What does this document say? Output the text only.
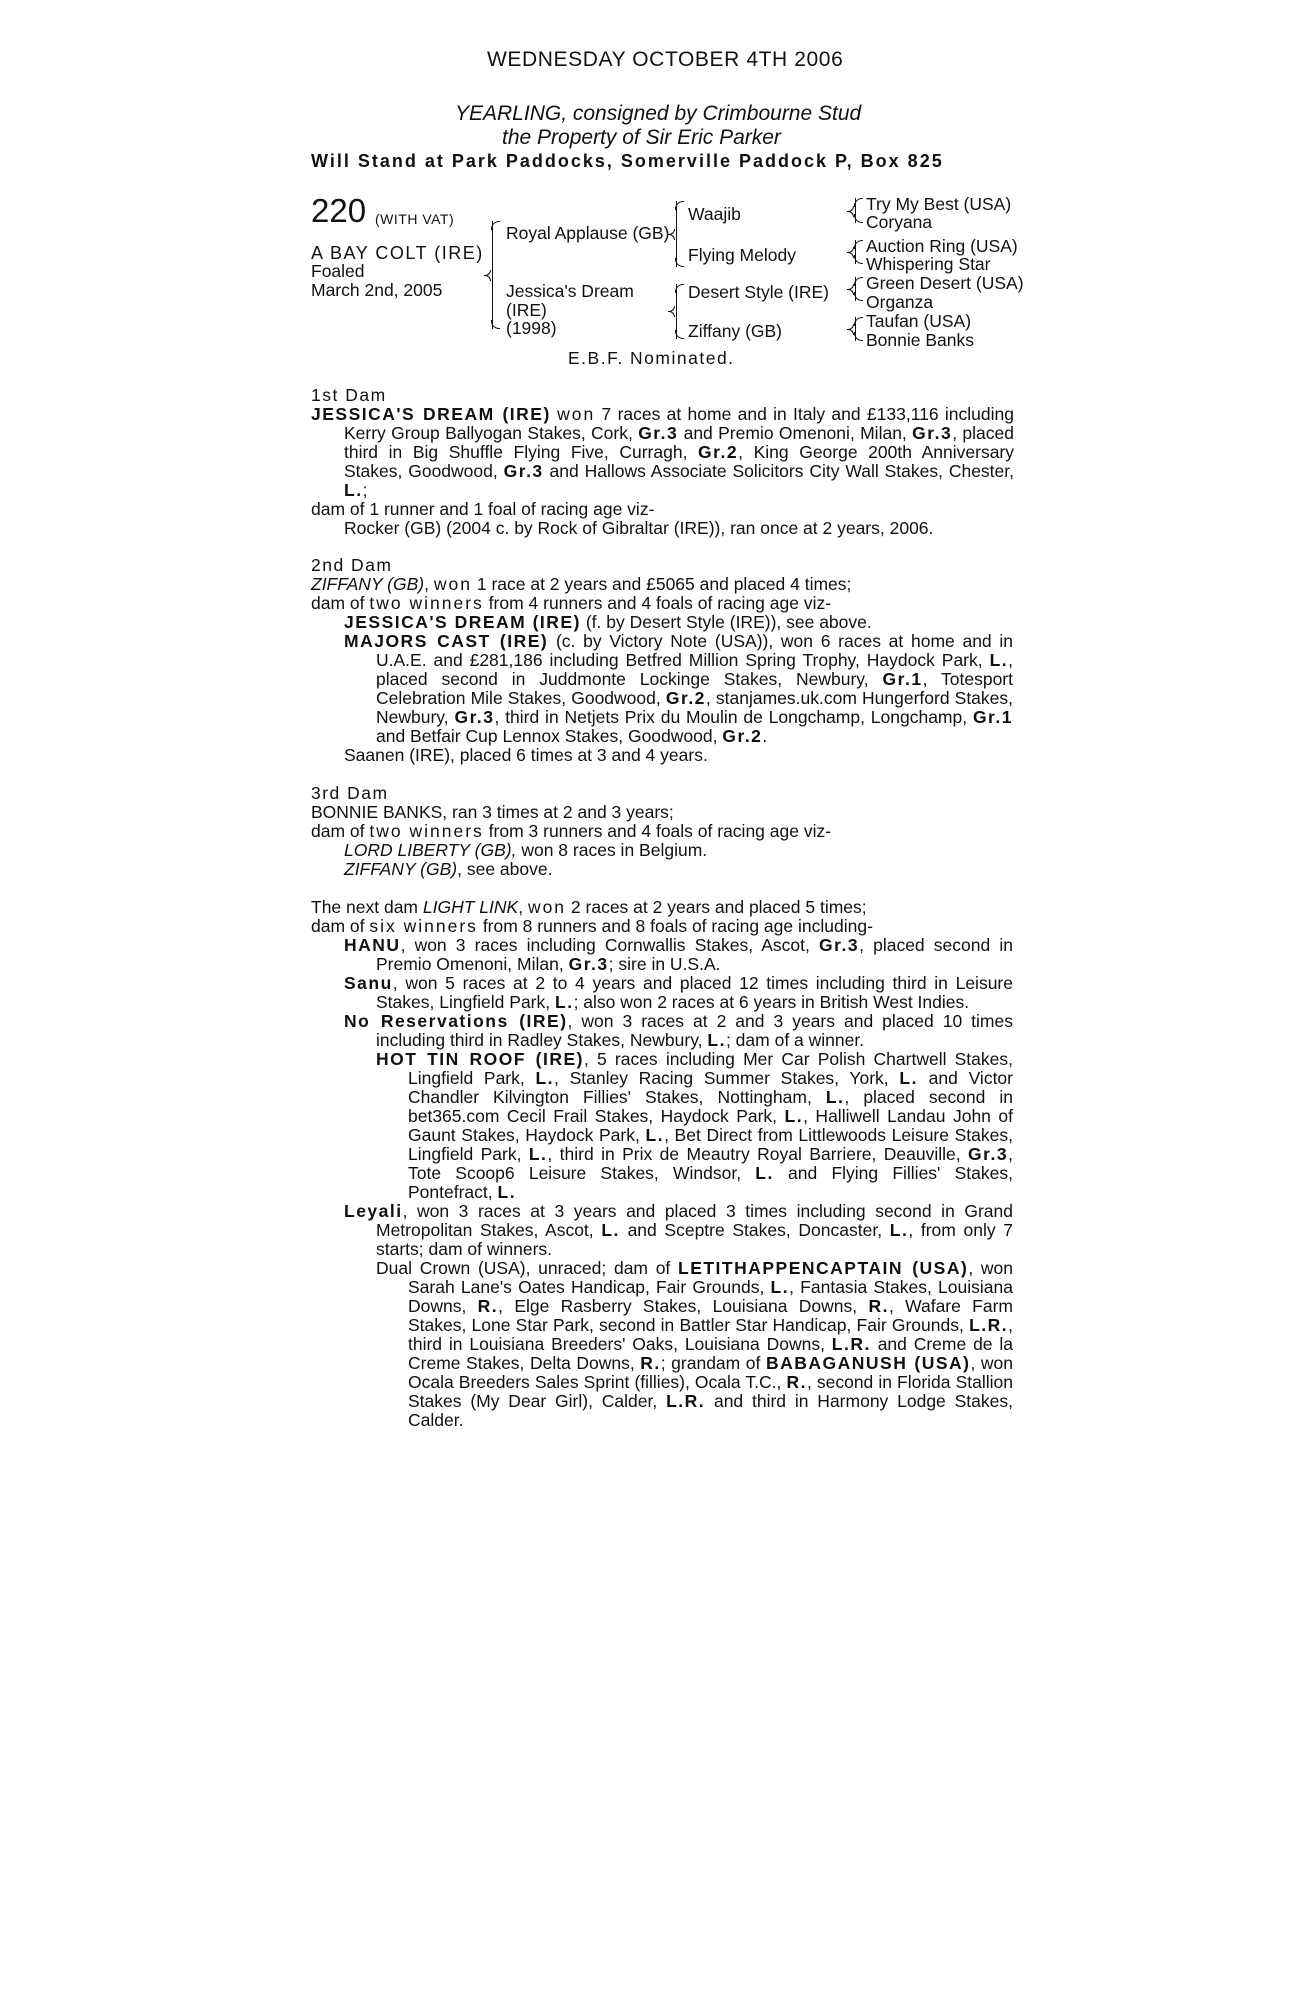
WEDNESDAY OCTOBER 4TH 2006
YEARLING, consigned by Crimbourne Stud
the Property of Sir Eric Parker
Will Stand at Park Paddocks, Somerville Paddock P, Box 825
220 (WITH VAT)
A BAY COLT (IRE)
Foaled
March 2nd, 2005
Royal Applause (GB)
Jessica's Dream
(IRE)
(1998)
Waajib
Flying Melody
Desert Style (IRE)
Ziffany (GB)
Try My Best (USA)
Coryana
Auction Ring (USA)
Whispering Star
Green Desert (USA)
Organza
Taufan (USA)
Bonnie Banks
E.B.F. Nominated.
1st Dam
JESSICA'S DREAM (IRE) won 7 races at home and in Italy and £133,116 including Kerry Group Ballyogan Stakes, Cork, Gr.3 and Premio Omenoni, Milan, Gr.3, placed third in Big Shuffle Flying Five, Curragh, Gr.2, King George 200th Anniversary Stakes, Goodwood, Gr.3 and Hallows Associate Solicitors City Wall Stakes, Chester, L.;
dam of 1 runner and 1 foal of racing age viz-
Rocker (GB) (2004 c. by Rock of Gibraltar (IRE)), ran once at 2 years, 2006.
2nd Dam
ZIFFANY (GB), won 1 race at 2 years and £5065 and placed 4 times;
dam of two winners from 4 runners and 4 foals of racing age viz-
JESSICA'S DREAM (IRE) (f. by Desert Style (IRE)), see above.
MAJORS CAST (IRE) (c. by Victory Note (USA)), won 6 races at home and in U.A.E. and £281,186 including Betfred Million Spring Trophy, Haydock Park, L., placed second in Juddmonte Lockinge Stakes, Newbury, Gr.1, Totesport Celebration Mile Stakes, Goodwood, Gr.2, stanjames.uk.com Hungerford Stakes, Newbury, Gr.3, third in Netjets Prix du Moulin de Longchamp, Longchamp, Gr.1 and Betfair Cup Lennox Stakes, Goodwood, Gr.2.
Saanen (IRE), placed 6 times at 3 and 4 years.
3rd Dam
BONNIE BANKS, ran 3 times at 2 and 3 years;
dam of two winners from 3 runners and 4 foals of racing age viz-
LORD LIBERTY (GB), won 8 races in Belgium.
ZIFFANY (GB), see above.
The next dam LIGHT LINK, won 2 races at 2 years and placed 5 times;
dam of six winners from 8 runners and 8 foals of racing age including-
HANU, won 3 races including Cornwallis Stakes, Ascot, Gr.3, placed second in Premio Omenoni, Milan, Gr.3; sire in U.S.A.
Sanu, won 5 races at 2 to 4 years and placed 12 times including third in Leisure Stakes, Lingfield Park, L.; also won 2 races at 6 years in British West Indies.
No Reservations (IRE), won 3 races at 2 and 3 years and placed 10 times including third in Radley Stakes, Newbury, L.; dam of a winner.
HOT TIN ROOF (IRE), 5 races including Mer Car Polish Chartwell Stakes, Lingfield Park, L., Stanley Racing Summer Stakes, York, L. and Victor Chandler Kilvington Fillies' Stakes, Nottingham, L., placed second in bet365.com Cecil Frail Stakes, Haydock Park, L., Halliwell Landau John of Gaunt Stakes, Haydock Park, L., Bet Direct from Littlewoods Leisure Stakes, Lingfield Park, L., third in Prix de Meautry Royal Barriere, Deauville, Gr.3, Tote Scoop6 Leisure Stakes, Windsor, L. and Flying Fillies' Stakes, Pontefract, L.
Leyali, won 3 races at 3 years and placed 3 times including second in Grand Metropolitan Stakes, Ascot, L. and Sceptre Stakes, Doncaster, L., from only 7 starts; dam of winners.
Dual Crown (USA), unraced; dam of LETITHAPPENCAPTAIN (USA), won Sarah Lane's Oates Handicap, Fair Grounds, L., Fantasia Stakes, Louisiana Downs, R., Elge Rasberry Stakes, Louisiana Downs, R., Wafare Farm Stakes, Lone Star Park, second in Battler Star Handicap, Fair Grounds, L.R., third in Louisiana Breeders' Oaks, Louisiana Downs, L.R. and Creme de la Creme Stakes, Delta Downs, R.; grandam of BABAGANUSH (USA), won Ocala Breeders Sales Sprint (fillies), Ocala T.C., R., second in Florida Stallion Stakes (My Dear Girl), Calder, L.R. and third in Harmony Lodge Stakes, Calder.
